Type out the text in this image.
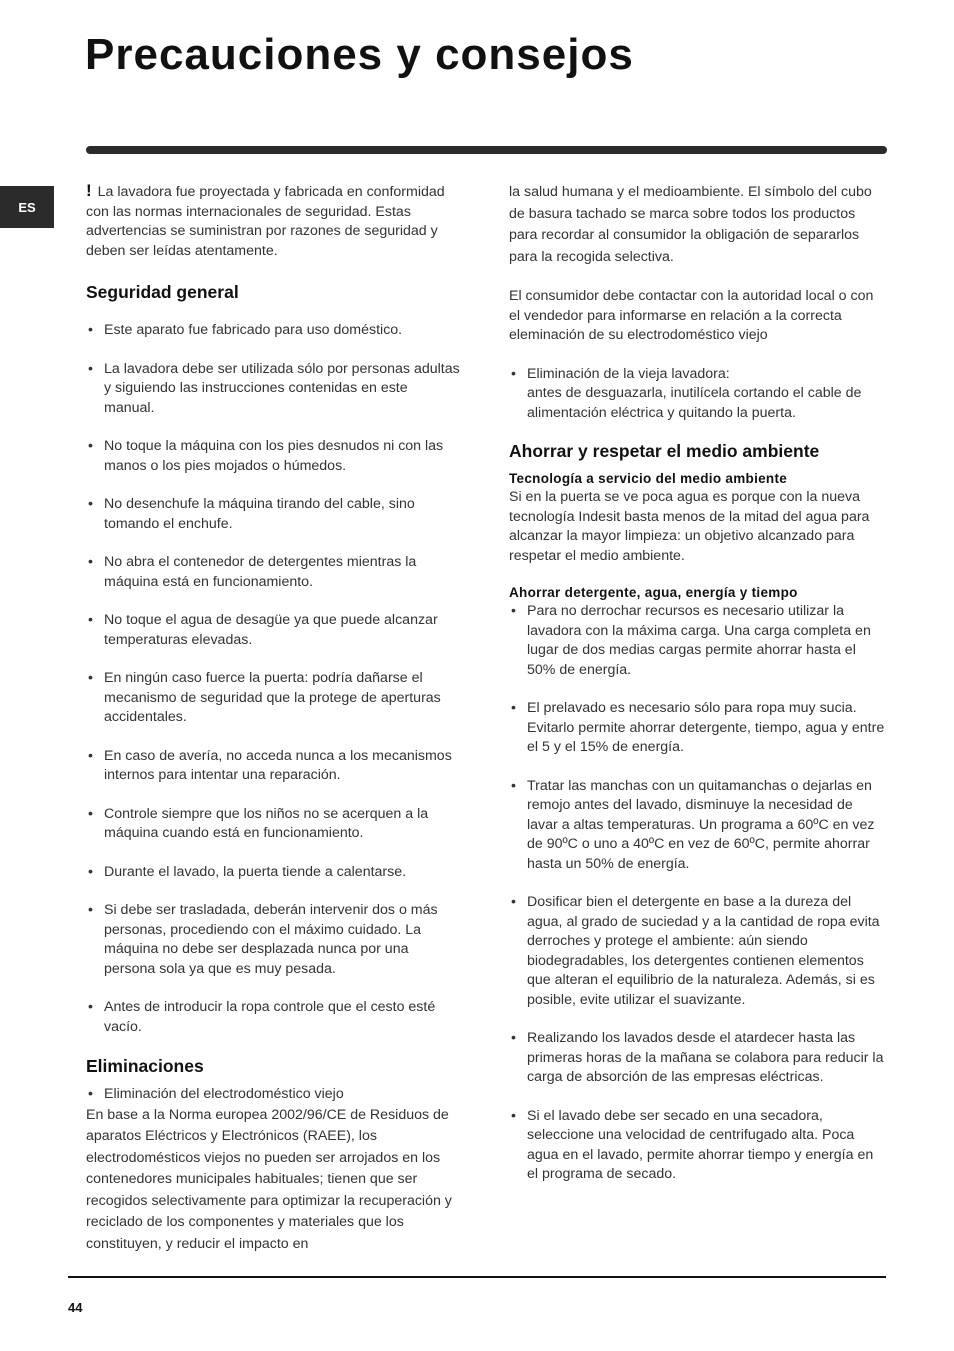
Precauciones y consejos
ES

! La lavadora fue proyectada y fabricada en conformidad con las normas internacionales de seguridad. Estas advertencias se suministran por razones de seguridad y deben ser leídas atentamente.

Seguridad general
• Este aparato fue fabricado para uso doméstico.
• La lavadora debe ser utilizada sólo por personas adultas y siguiendo las instrucciones contenidas en este manual.
• No toque la máquina con los pies desnudos ni con las manos o los pies mojados o húmedos.
• No desenchufe la máquina tirando del cable, sino tomando el enchufe.
• No abra el contenedor de detergentes mientras la máquina está en funcionamiento.
• No toque el agua de desagüe ya que puede alcanzar temperaturas elevadas.
• En ningún caso fuerce la puerta: podría dañarse el mecanismo de seguridad que la protege de aperturas accidentales.
• En caso de avería, no acceda nunca a los mecanismos internos para intentar una reparación.
• Controle siempre que los niños no se acerquen a la máquina cuando está en funcionamiento.
• Durante el lavado, la puerta tiende a calentarse.
• Si debe ser trasladada, deberán intervenir dos o más personas, procediendo con el máximo cuidado. La máquina no debe ser desplazada nunca por una persona sola ya que es muy pesada.
• Antes de introducir la ropa controle que el cesto esté vacío.
Eliminaciones
• Eliminación del electrodoméstico viejo

En base a la Norma europea 2002/96/CE de Residuos de aparatos Eléctricos y Electrónicos (RAEE), los electrodomésticos viejos no pueden ser arrojados en los contenedores municipales habituales; tienen que ser recogidos selectivamente para optimizar la recuperación y reciclado de los componentes y materiales que los constituyen, y reducir el impacto en

la salud humana y el medioambiente. El símbolo del cubo de basura tachado se marca sobre todos los productos para recordar al consumidor la obligación de separarlos para la recogida selectiva.

El consumidor debe contactar con la autoridad local o con el vendedor para informarse en relación a la correcta eleminación de su electrodoméstico viejo

• Eliminación de la vieja lavadora:
antes de desguazarla, inutilícela cortando el cable de alimentación eléctrica y quitando la puerta.
Ahorrar y respetar el medio ambiente
Tecnología a servicio del medio ambiente

Si en la puerta se ve poca agua es porque con la nueva tecnología Indesit basta menos de la mitad del agua para alcanzar la mayor limpieza: un objetivo alcanzado para respetar el medio ambiente.

Ahorrar detergente, agua, energía y tiempo
• Para no derrochar recursos es necesario utilizar la lavadora con la máxima carga. Una carga completa en lugar de dos medias cargas permite ahorrar hasta el 50% de energía.
• El prelavado es necesario sólo para ropa muy sucia. Evitarlo permite ahorrar detergente, tiempo, agua y entre el 5 y el 15% de energía.
• Tratar las manchas con un quitamanchas o dejarlas en remojo antes del lavado, disminuye la necesidad de lavar a altas temperaturas. Un programa a 60ºC en vez de 90ºC o uno a 40ºC en vez de 60ºC, permite ahorrar hasta un 50% de energía.
• Dosificar bien el detergente en base a la dureza del agua, al grado de suciedad y a la cantidad de ropa evita derroches y protege el ambiente: aún siendo biodegradables, los detergentes contienen elementos que alteran el equilibrio de la naturaleza. Además, si es posible, evite utilizar el suavizante.
• Realizando los lavados desde el atardecer hasta las primeras horas de la mañana se colabora para reducir la carga de absorción de las empresas eléctricas.
• Si el lavado debe ser secado en una secadora, seleccione una velocidad de centrifugado alta. Poca agua en el lavado, permite ahorrar tiempo y energía en el programa de secado.
44
